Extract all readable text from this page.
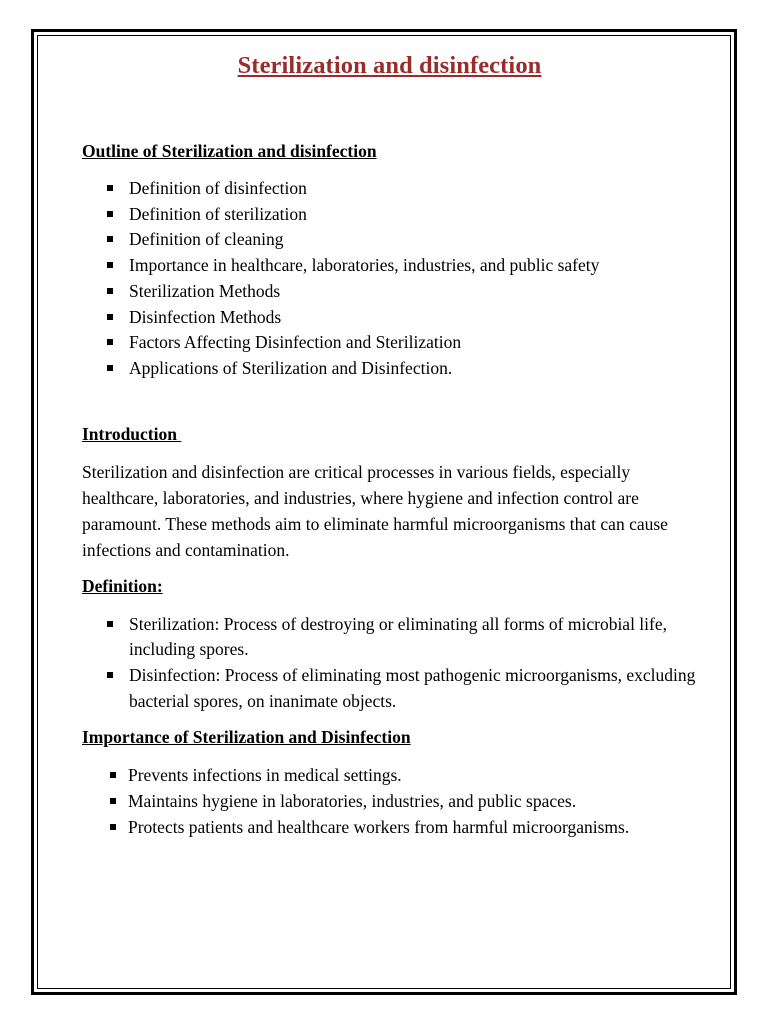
Sterilization and disinfection
Outline of Sterilization and disinfection
Definition of disinfection
Definition of sterilization
Definition of cleaning
Importance in healthcare, laboratories, industries, and public safety
Sterilization Methods
Disinfection Methods
Factors Affecting Disinfection and Sterilization
Applications of Sterilization and Disinfection.
Introduction

Sterilization and disinfection are critical processes in various fields, especially healthcare, laboratories, and industries, where hygiene and infection control are paramount. These methods aim to eliminate harmful microorganisms that can cause infections and contamination.

Definition:
Sterilization: Process of destroying or eliminating all forms of microbial life, including spores.
Disinfection: Process of eliminating most pathogenic microorganisms, excluding bacterial spores, on inanimate objects.
Importance of Sterilization and Disinfection
Prevents infections in medical settings.
Maintains hygiene in laboratories, industries, and public spaces.
Protects patients and healthcare workers from harmful microorganisms.
